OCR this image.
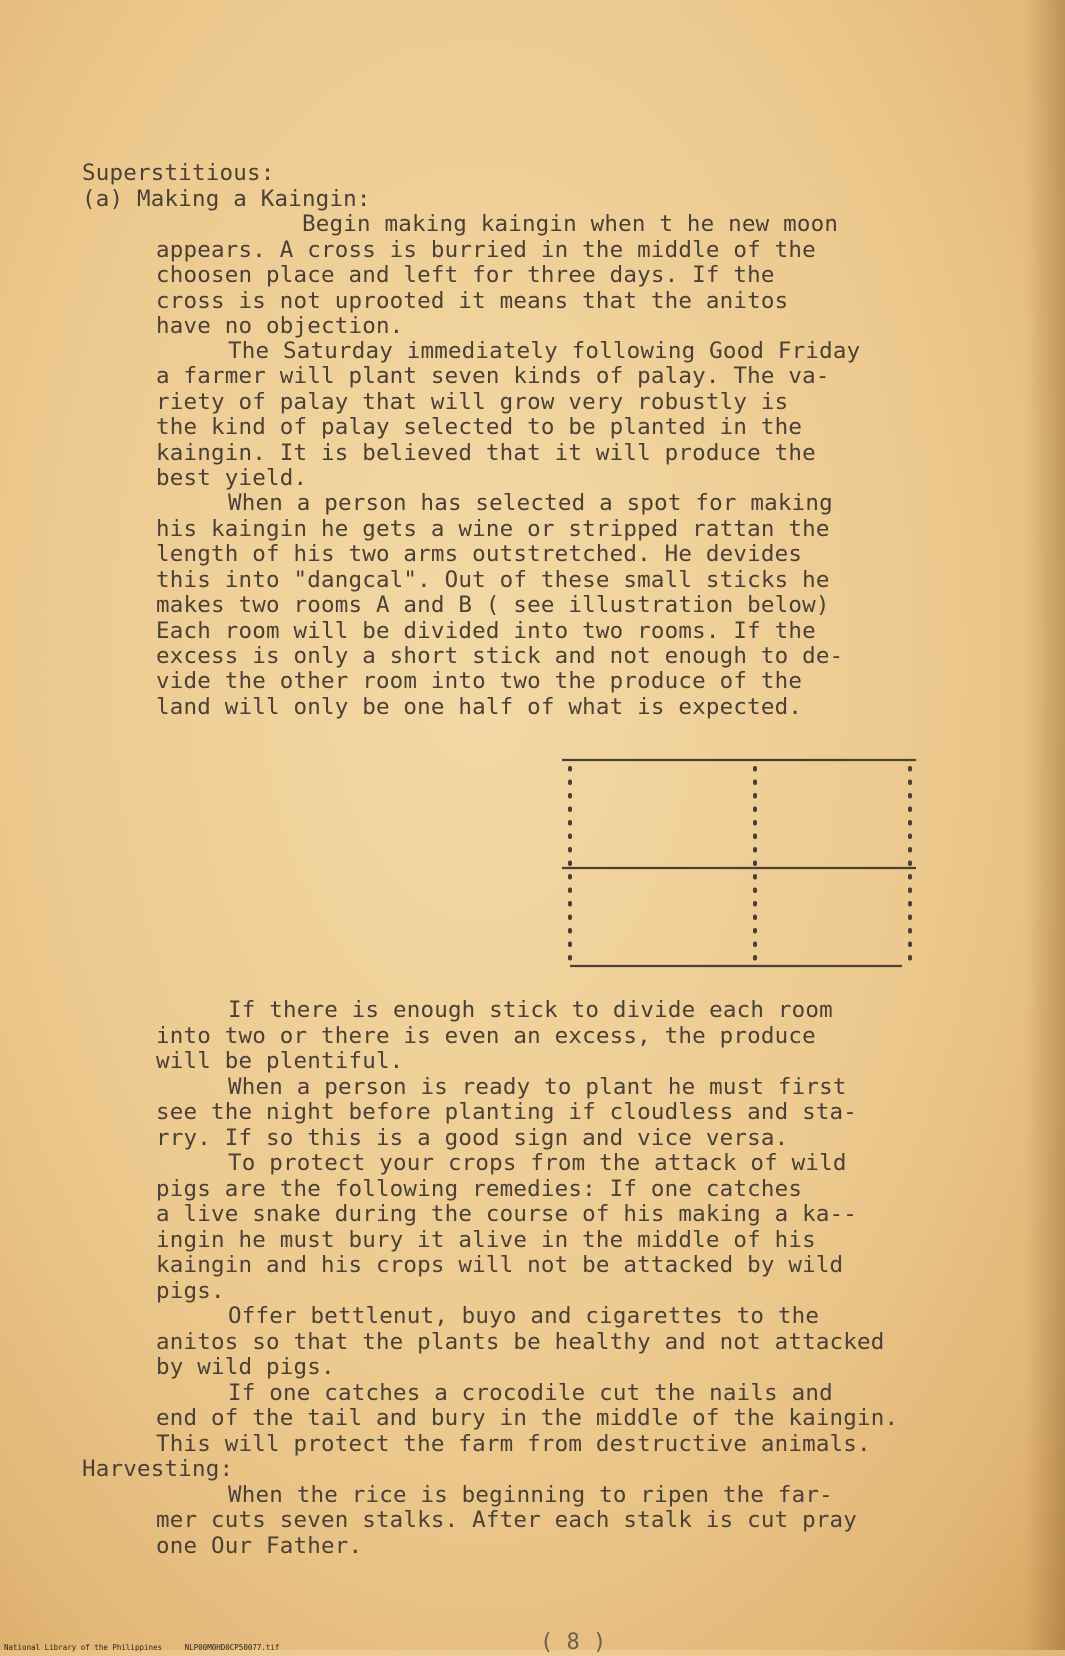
Superstitious:

(a) Making a Kaingin:

Begin making kaingin when t he new moon

appears. A cross is burried in the middle of the

choosen place and left for three days. If the

cross is not uprooted it means that the anitos

have no objection.

The Saturday immediately following Good Friday

a farmer will plant seven kinds of palay. The va-

riety of palay that will grow very robustly is

the kind of palay selected to be planted in the

kaingin. It is believed that it will produce the

best yield.

When a person has selected a spot for making

his kaingin he gets a wine or stripped rattan the

length of his two arms outstretched. He devides

this into "dangcal". Out of these small sticks he

makes two rooms A and B ( see illustration below)

Each room will be divided into two rooms. If the

excess is only a short stick and not enough to de-

vide the other room into two the produce of the

land will only be one half of what is expected.

If there is enough stick to divide each room

into two or there is even an excess, the produce

will be plentiful.

When a person is ready to plant he must first

see the night before planting if cloudless and sta-

rry. If so this is a good sign and vice versa.

To protect your crops from the attack of wild

pigs are the following remedies: If one catches

a live snake during the course of his making a ka--

ingin he must bury it alive in the middle of his

kaingin and his crops will not be attacked by wild

pigs.

Offer bettlenut, buyo and cigarettes to the

anitos so that the plants be healthy and not attacked

by wild pigs.

If one catches a crocodile cut the nails and

end of the tail and bury in the middle of the kaingin.

This will protect the farm from destructive animals.

Harvesting:

When the rice is beginning to ripen the far-

mer cuts seven stalks. After each stalk is cut pray

one Our Father.

( 8 )

National Library of the Philippines     NLP00M0HD0CP50077.tif
